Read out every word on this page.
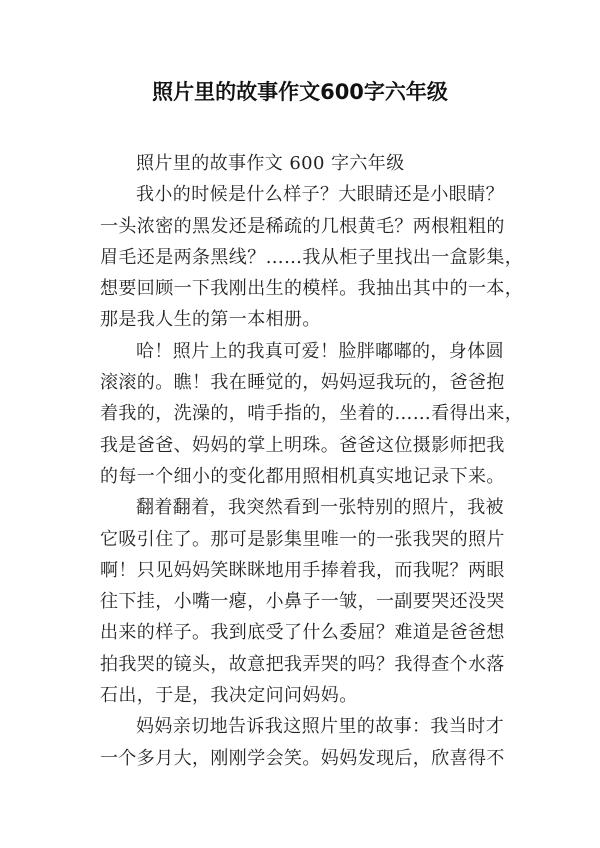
照片里的故事作文600字六年级
照片里的故事作文 600 字六年级
我小的时候是什么样子？大眼睛还是小眼睛？
一头浓密的黑发还是稀疏的几根黄毛？两根粗粗的
眉毛还是两条黑线？……我从柜子里找出一盒影集，
想要回顾一下我刚出生的模样。我抽出其中的一本，
那是我人生的第一本相册。
哈！照片上的我真可爱！脸胖嘟嘟的，身体圆
滚滚的。瞧！我在睡觉的，妈妈逗我玩的，爸爸抱
着我的，洗澡的，啃手指的，坐着的……看得出来，
我是爸爸、妈妈的掌上明珠。爸爸这位摄影师把我
的每一个细小的变化都用照相机真实地记录下来。
翻着翻着，我突然看到一张特别的照片，我被
它吸引住了。那可是影集里唯一的一张我哭的照片
啊！只见妈妈笑眯眯地用手捧着我，而我呢？两眼
往下挂，小嘴一瘪，小鼻子一皱，一副要哭还没哭
出来的样子。我到底受了什么委屈？难道是爸爸想
拍我哭的镜头，故意把我弄哭的吗？我得查个水落
石出，于是，我决定问问妈妈。
妈妈亲切地告诉我这照片里的故事：我当时才
一个多月大，刚刚学会笑。妈妈发现后，欣喜得不
